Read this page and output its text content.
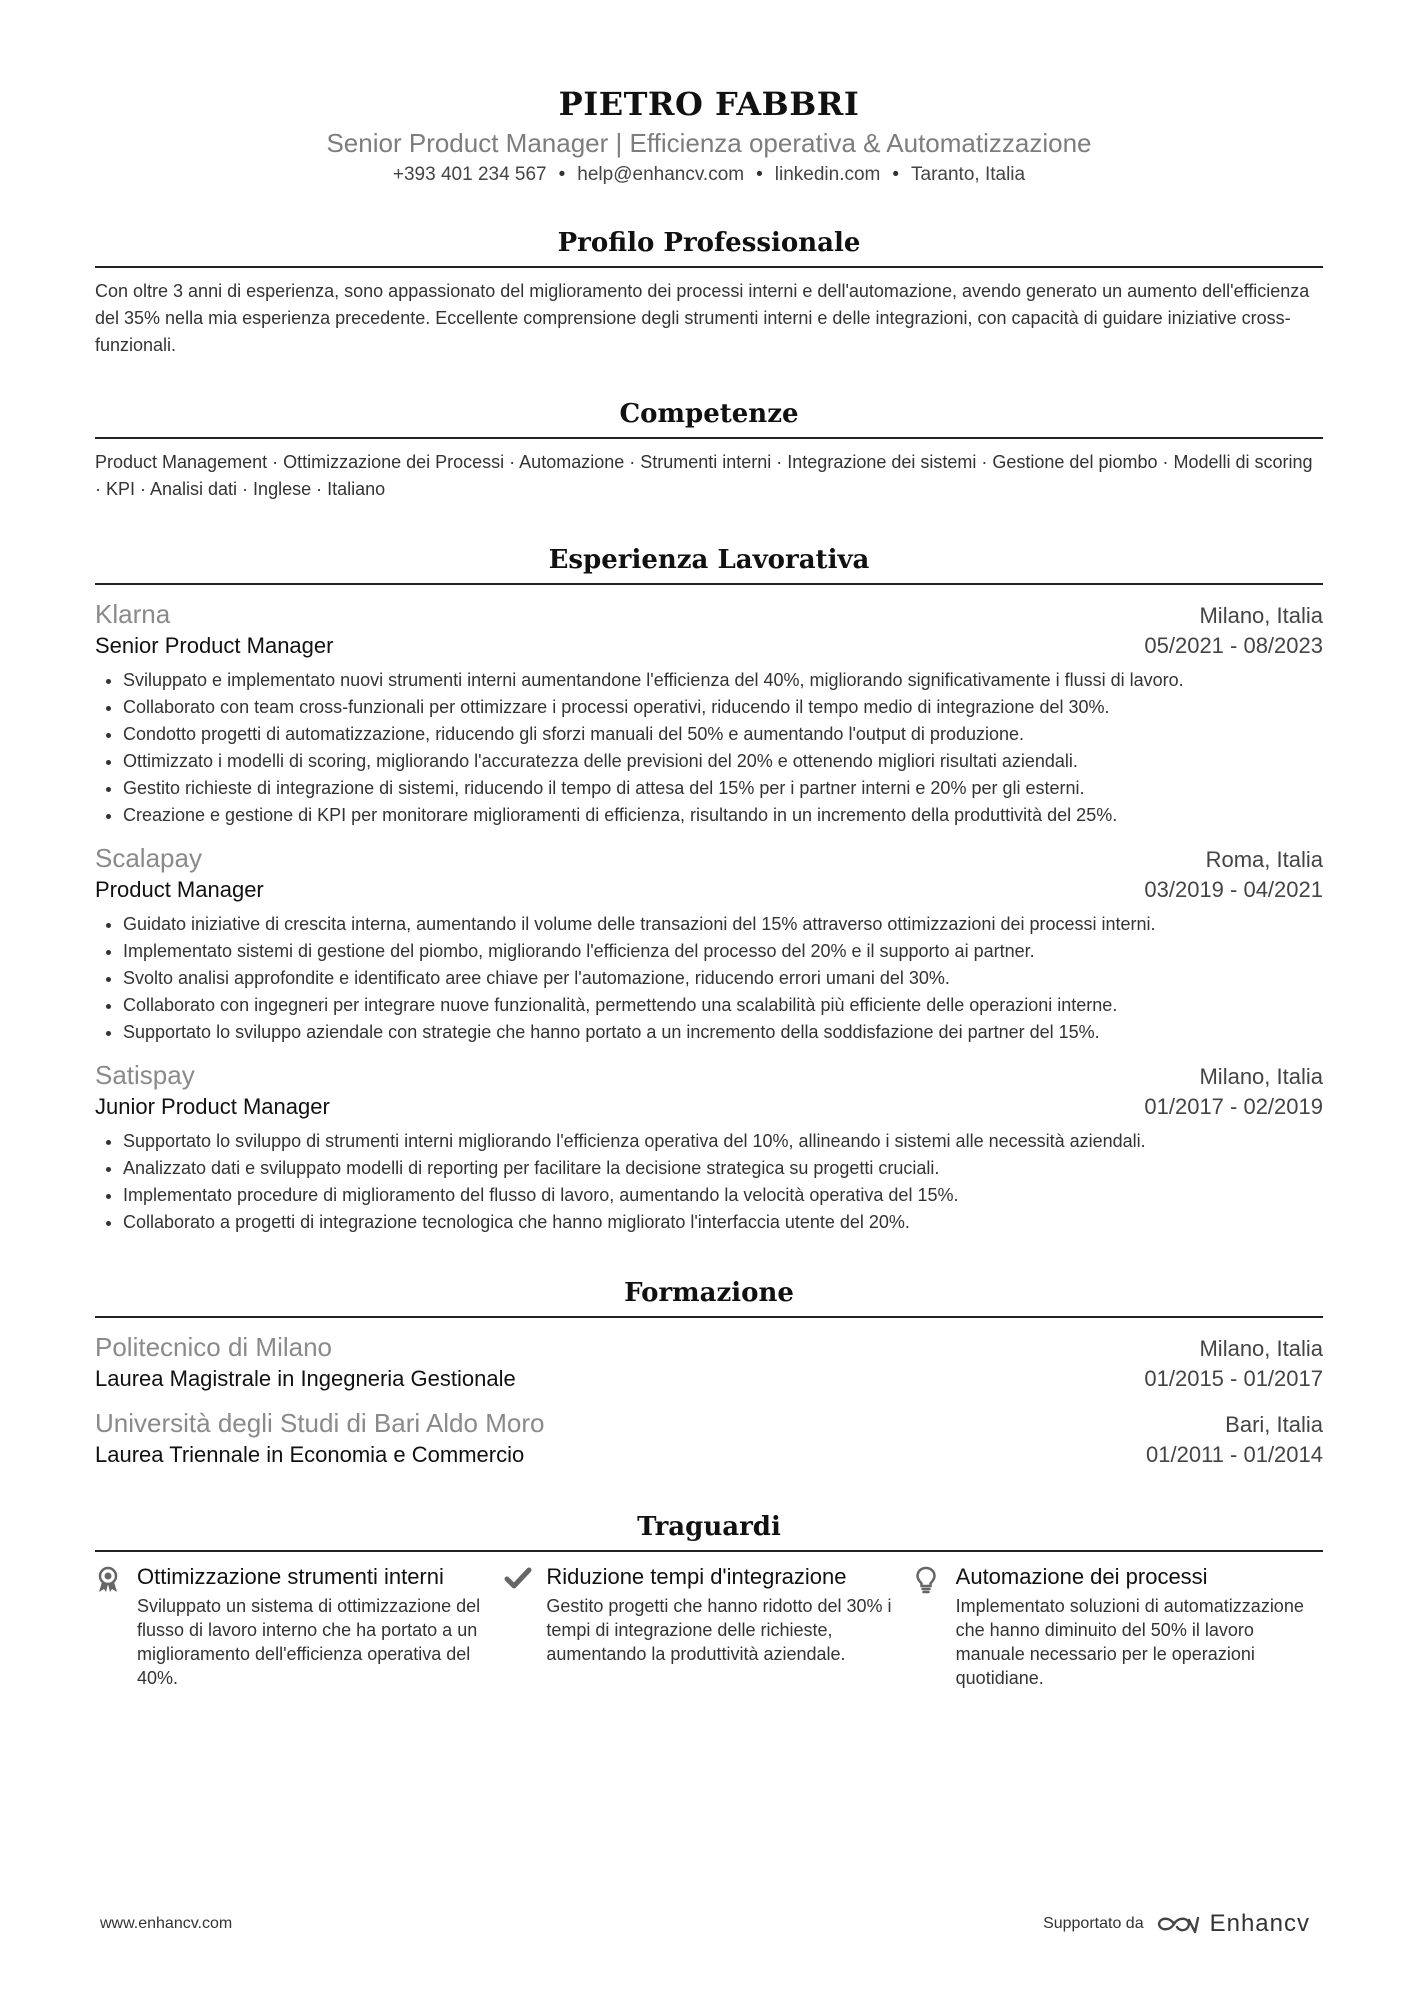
PIETRO FABBRI
Senior Product Manager | Efficienza operativa & Automatizzazione
+393 401 234 567 • help@enhancv.com • linkedin.com • Taranto, Italia
Profilo Professionale
Con oltre 3 anni di esperienza, sono appassionato del miglioramento dei processi interni e dell'automazione, avendo generato un aumento dell'efficienza del 35% nella mia esperienza precedente. Eccellente comprensione degli strumenti interni e delle integrazioni, con capacità di guidare iniziative cross-funzionali.
Competenze
Product Management · Ottimizzazione dei Processi · Automazione · Strumenti interni · Integrazione dei sistemi · Gestione del piombo · Modelli di scoring · KPI · Analisi dati · Inglese · Italiano
Esperienza Lavorativa
Klarna	Milano, Italia
Senior Product Manager	05/2021 - 08/2023
• Sviluppato e implementato nuovi strumenti interni aumentandone l'efficienza del 40%, migliorando significativamente i flussi di lavoro.
• Collaborato con team cross-funzionali per ottimizzare i processi operativi, riducendo il tempo medio di integrazione del 30%.
• Condotto progetti di automatizzazione, riducendo gli sforzi manuali del 50% e aumentando l'output di produzione.
• Ottimizzato i modelli di scoring, migliorando l'accuratezza delle previsioni del 20% e ottenendo migliori risultati aziendali.
• Gestito richieste di integrazione di sistemi, riducendo il tempo di attesa del 15% per i partner interni e 20% per gli esterni.
• Creazione e gestione di KPI per monitorare miglioramenti di efficienza, risultando in un incremento della produttività del 25%.
Scalapay	Roma, Italia
Product Manager	03/2019 - 04/2021
• Guidato iniziative di crescita interna, aumentando il volume delle transazioni del 15% attraverso ottimizzazioni dei processi interni.
• Implementato sistemi di gestione del piombo, migliorando l'efficienza del processo del 20% e il supporto ai partner.
• Svolto analisi approfondite e identificato aree chiave per l'automazione, riducendo errori umani del 30%.
• Collaborato con ingegneri per integrare nuove funzionalità, permettendo una scalabilità più efficiente delle operazioni interne.
• Supportato lo sviluppo aziendale con strategie che hanno portato a un incremento della soddisfazione dei partner del 15%.
Satispay	Milano, Italia
Junior Product Manager	01/2017 - 02/2019
• Supportato lo sviluppo di strumenti interni migliorando l'efficienza operativa del 10%, allineando i sistemi alle necessità aziendali.
• Analizzato dati e sviluppato modelli di reporting per facilitare la decisione strategica su progetti cruciali.
• Implementato procedure di miglioramento del flusso di lavoro, aumentando la velocità operativa del 15%.
• Collaborato a progetti di integrazione tecnologica che hanno migliorato l'interfaccia utente del 20%.
Formazione
Politecnico di Milano	Milano, Italia
Laurea Magistrale in Ingegneria Gestionale	01/2015 - 01/2017
Università degli Studi di Bari Aldo Moro	Bari, Italia
Laurea Triennale in Economia e Commercio	01/2011 - 01/2014
Traguardi
Ottimizzazione strumenti interni
Sviluppato un sistema di ottimizzazione del flusso di lavoro interno che ha portato a un miglioramento dell'efficienza operativa del 40%.
Riduzione tempi d'integrazione
Gestito progetti che hanno ridotto del 30% i tempi di integrazione delle richieste, aumentando la produttività aziendale.
Automazione dei processi
Implementato soluzioni di automatizzazione che hanno diminuito del 50% il lavoro manuale necessario per le operazioni quotidiane.
www.enhancv.com	Supportato da	Enhancv
